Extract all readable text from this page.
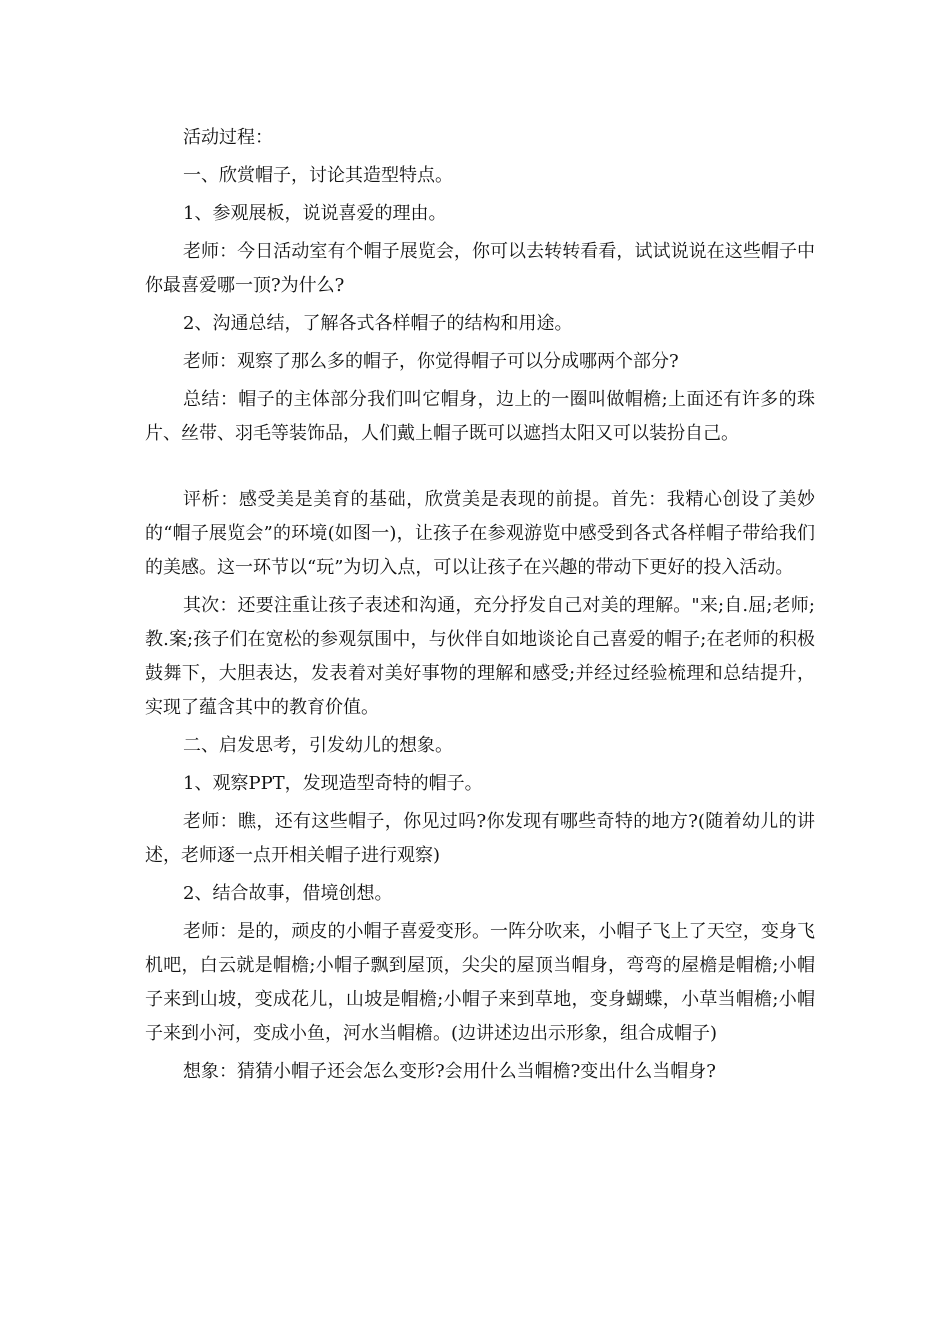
活动过程：

一、欣赏帽子，讨论其造型特点。

1、参观展板，说说喜爱的理由。

老师：今日活动室有个帽子展览会，你可以去转转看看，试试说说在这些帽子中你最喜爱哪一顶?为什么?

2、沟通总结，了解各式各样帽子的结构和用途。

老师：观察了那么多的帽子，你觉得帽子可以分成哪两个部分?

总结：帽子的主体部分我们叫它帽身，边上的一圈叫做帽檐;上面还有许多的珠片、丝带、羽毛等装饰品，人们戴上帽子既可以遮挡太阳又可以装扮自己。

评析：感受美是美育的基础，欣赏美是表现的前提。首先：我精心创设了美妙的“帽子展览会”的环境(如图一)，让孩子在参观游览中感受到各式各样帽子带给我们的美感。这一环节以“玩”为切入点，可以让孩子在兴趣的带动下更好的投入活动。

其次：还要注重让孩子表述和沟通，充分抒发自己对美的理解。"来;自.屈;老师;教.案;孩子们在宽松的参观氛围中，与伙伴自如地谈论自己喜爱的帽子;在老师的积极鼓舞下，大胆表达，发表着对美好事物的理解和感受;并经过经验梳理和总结提升，实现了蕴含其中的教育价值。

二、启发思考，引发幼儿的想象。

1、观察PPT，发现造型奇特的帽子。

老师：瞧，还有这些帽子，你见过吗?你发现有哪些奇特的地方?(随着幼儿的讲述，老师逐一点开相关帽子进行观察)

2、结合故事，借境创想。

老师：是的，顽皮的小帽子喜爱变形。一阵分吹来，小帽子飞上了天空，变身飞机吧，白云就是帽檐;小帽子飘到屋顶，尖尖的屋顶当帽身，弯弯的屋檐是帽檐;小帽子来到山坡，变成花儿，山坡是帽檐;小帽子来到草地，变身蝴蝶，小草当帽檐;小帽子来到小河，变成小鱼，河水当帽檐。(边讲述边出示形象，组合成帽子)

想象：猜猜小帽子还会怎么变形?会用什么当帽檐?变出什么当帽身?
